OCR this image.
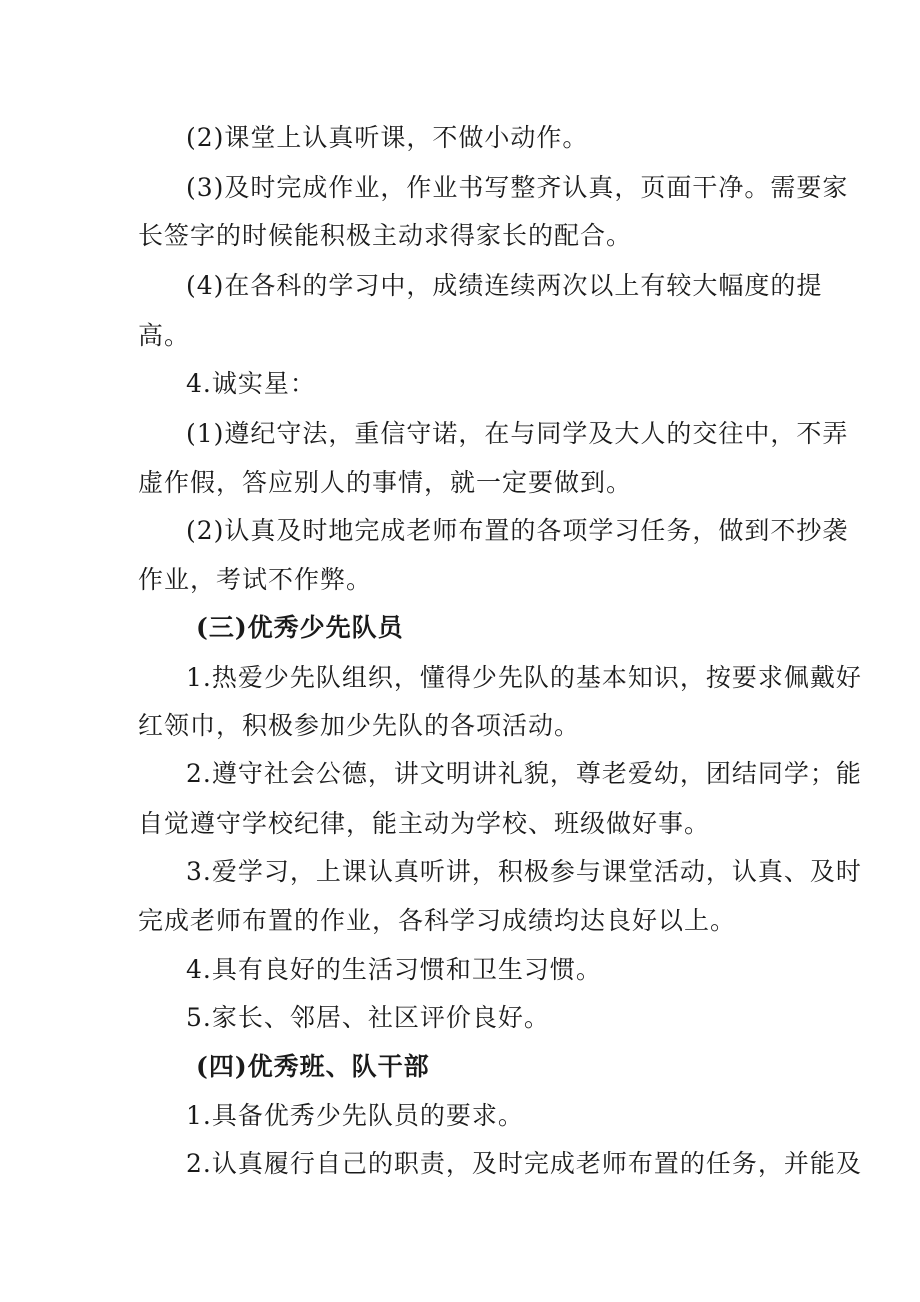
(2)课堂上认真听课，不做小动作。
(3)及时完成作业，作业书写整齐认真，页面干净。需要家
长签字的时候能积极主动求得家长的配合。
(4)在各科的学习中，成绩连续两次以上有较大幅度的提
高。
4.诚实星：
(1)遵纪守法，重信守诺，在与同学及大人的交往中，不弄
虚作假，答应别人的事情，就一定要做到。
(2)认真及时地完成老师布置的各项学习任务，做到不抄袭
作业，考试不作弊。
(三)优秀少先队员
1.热爱少先队组织，懂得少先队的基本知识，按要求佩戴好
红领巾，积极参加少先队的各项活动。
2.遵守社会公德，讲文明讲礼貌，尊老爱幼，团结同学；能
自觉遵守学校纪律，能主动为学校、班级做好事。
3.爱学习，上课认真听讲，积极参与课堂活动，认真、及时
完成老师布置的作业，各科学习成绩均达良好以上。
4.具有良好的生活习惯和卫生习惯。
5.家长、邻居、社区评价良好。
(四)优秀班、队干部
1.具备优秀少先队员的要求。
2.认真履行自己的职责，及时完成老师布置的任务，并能及
